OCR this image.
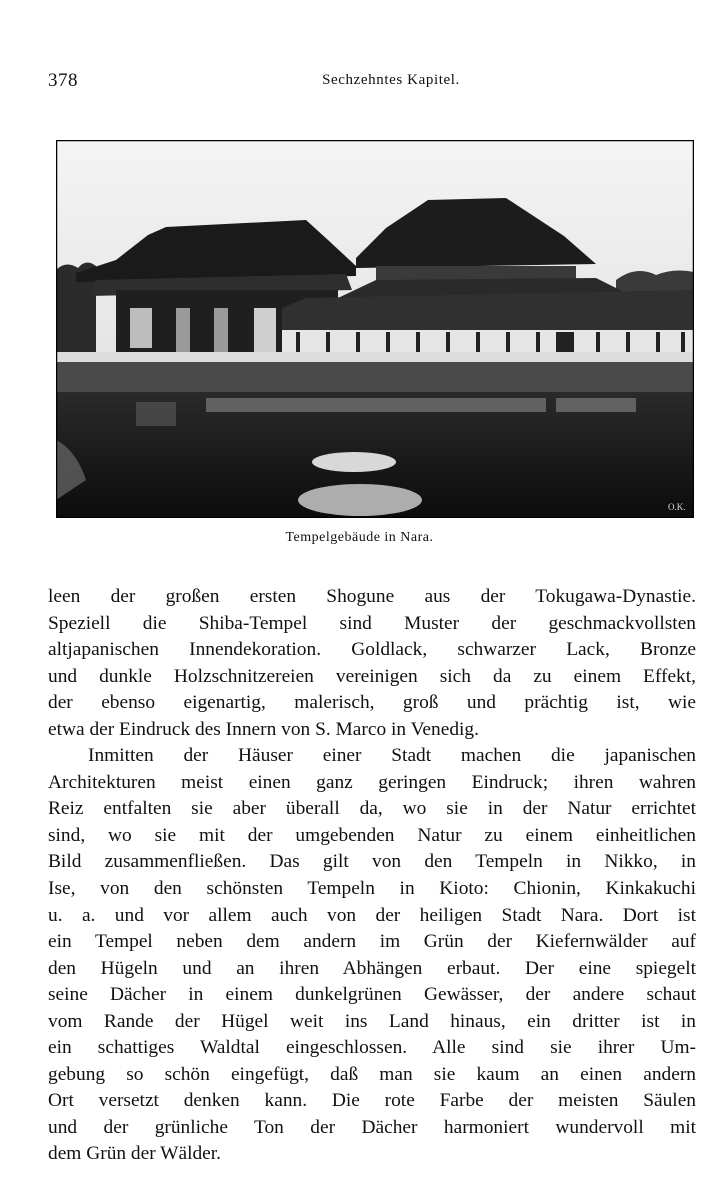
378	Sechzehntes Kapitel.
O.K.
Tempelgebäude in Nara.

leen der großen ersten Shogune aus der Tokugawa-Dynastie.
Speziell die Shiba-Tempel sind Muster der geschmackvollsten
altjapanischen Innendekoration. Goldlack, schwarzer Lack, Bronze
und dunkle Holzschnitzereien vereinigen sich da zu einem Effekt,
der ebenso eigenartig, malerisch, groß und prächtig ist, wie
etwa der Eindruck des Innern von S. Marco in Venedig.

Inmitten der Häuser einer Stadt machen die japanischen
Architekturen meist einen ganz geringen Eindruck; ihren wahren
Reiz entfalten sie aber überall da, wo sie in der Natur errichtet
sind, wo sie mit der umgebenden Natur zu einem einheitlichen
Bild zusammenfließen. Das gilt von den Tempeln in Nikko, in
Ise, von den schönsten Tempeln in Kioto: Chionin, Kinkakuchi
u. a. und vor allem auch von der heiligen Stadt Nara. Dort ist
ein Tempel neben dem andern im Grün der Kiefernwälder auf
den Hügeln und an ihren Abhängen erbaut. Der eine spiegelt
seine Dächer in einem dunkelgrünen Gewässer, der andere schaut
vom Rande der Hügel weit ins Land hinaus, ein dritter ist in
ein schattiges Waldtal eingeschlossen. Alle sind sie ihrer Um-
gebung so schön eingefügt, daß man sie kaum an einen andern
Ort versetzt denken kann. Die rote Farbe der meisten Säulen
und der grünliche Ton der Dächer harmoniert wundervoll mit
dem Grün der Wälder.
